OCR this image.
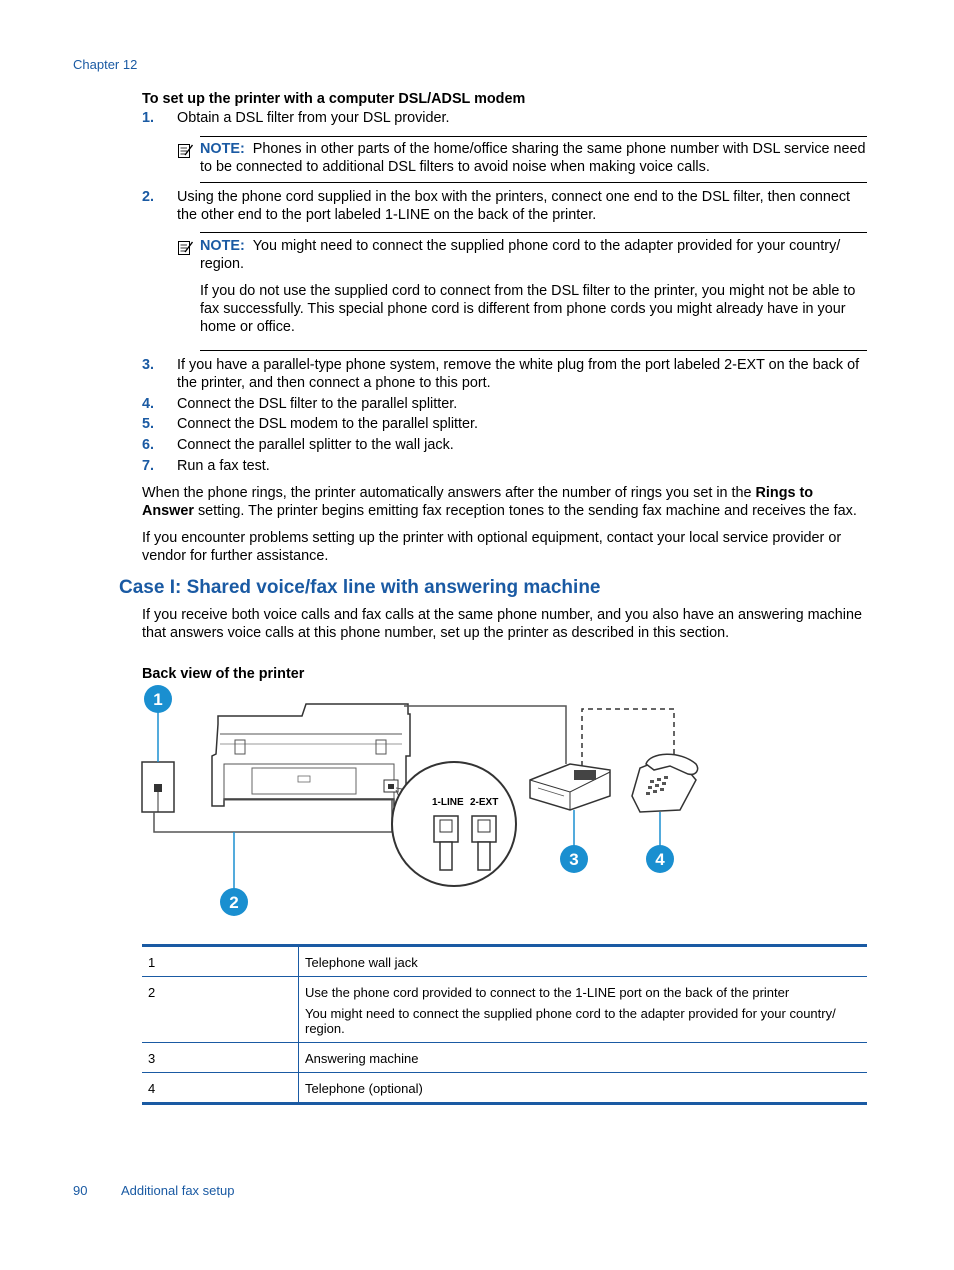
Chapter 12
To set up the printer with a computer DSL/ADSL modem
1. Obtain a DSL filter from your DSL provider.
NOTE: Phones in other parts of the home/office sharing the same phone number with DSL service need to be connected to additional DSL filters to avoid noise when making voice calls.
2. Using the phone cord supplied in the box with the printers, connect one end to the DSL filter, then connect the other end to the port labeled 1-LINE on the back of the printer.
NOTE: You might need to connect the supplied phone cord to the adapter provided for your country/ region.
If you do not use the supplied cord to connect from the DSL filter to the printer, you might not be able to fax successfully. This special phone cord is different from phone cords you might already have in your home or office.
3. If you have a parallel-type phone system, remove the white plug from the port labeled 2-EXT on the back of the printer, and then connect a phone to this port.
4. Connect the DSL filter to the parallel splitter.
5. Connect the DSL modem to the parallel splitter.
6. Connect the parallel splitter to the wall jack.
7. Run a fax test.
When the phone rings, the printer automatically answers after the number of rings you set in the Rings to Answer setting. The printer begins emitting fax reception tones to the sending fax machine and receives the fax.
If you encounter problems setting up the printer with optional equipment, contact your local service provider or vendor for further assistance.
Case I: Shared voice/fax line with answering machine
If you receive both voice calls and fax calls at the same phone number, and you also have an answering machine that answers voice calls at this phone number, set up the printer as described in this section.
Back view of the printer
1-LINE 2-EXT
1
2
3	4
1	Telephone wall jack

2	Use the phone cord provided to connect to the 1-LINE port on the back of the printer

You might need to connect the supplied phone cord to the adapter provided for your country/ region.

3	Answering machine

4	Telephone (optional)

90	Additional fax setup
